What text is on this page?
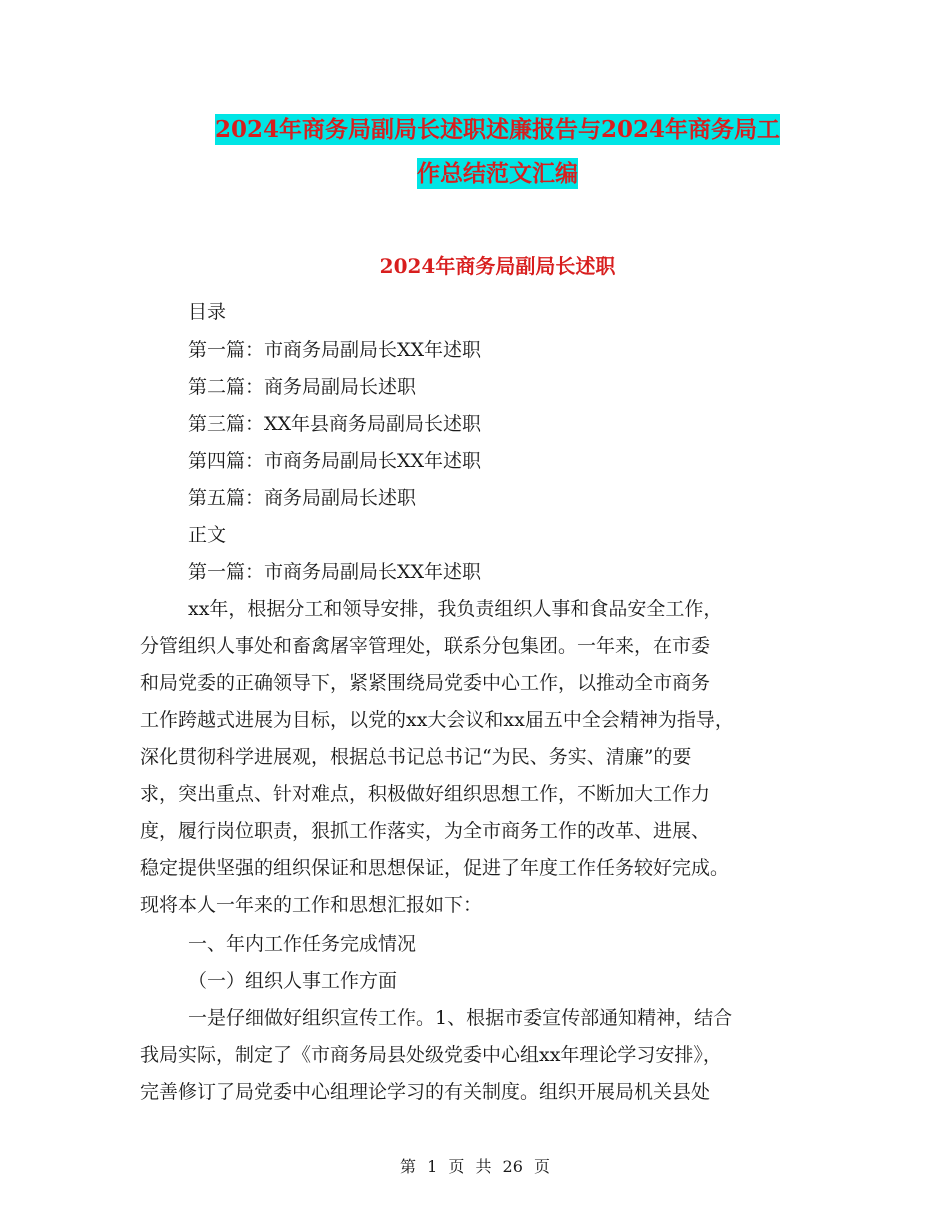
2024年商务局副局长述职述廉报告与2024年商务局工
作总结范文汇编
2024年商务局副局长述职
目录
第一篇：市商务局副局长XX年述职
第二篇：商务局副局长述职
第三篇：XX年县商务局副局长述职
第四篇：市商务局副局长XX年述职
第五篇：商务局副局长述职
正文
第一篇：市商务局副局长XX年述职
xx年，根据分工和领导安排，我负责组织人事和食品安全工作，
分管组织人事处和畜禽屠宰管理处，联系分包集团。一年来，在市委
和局党委的正确领导下，紧紧围绕局党委中心工作，以推动全市商务
工作跨越式进展为目标，以党的xx大会议和xx届五中全会精神为指导，
深化贯彻科学进展观，根据总书记总书记“为民、务实、清廉”的要
求，突出重点、针对难点，积极做好组织思想工作，不断加大工作力
度，履行岗位职责，狠抓工作落实，为全市商务工作的改革、进展、
稳定提供坚强的组织保证和思想保证，促进了年度工作任务较好完成。
现将本人一年来的工作和思想汇报如下：
一、年内工作任务完成情况
（一）组织人事工作方面
一是仔细做好组织宣传工作。1、根据市委宣传部通知精神，结合
我局实际，制定了《市商务局县处级党委中心组xx年理论学习安排》，
完善修订了局党委中心组理论学习的有关制度。组织开展局机关县处
第 1 页 共 26 页
